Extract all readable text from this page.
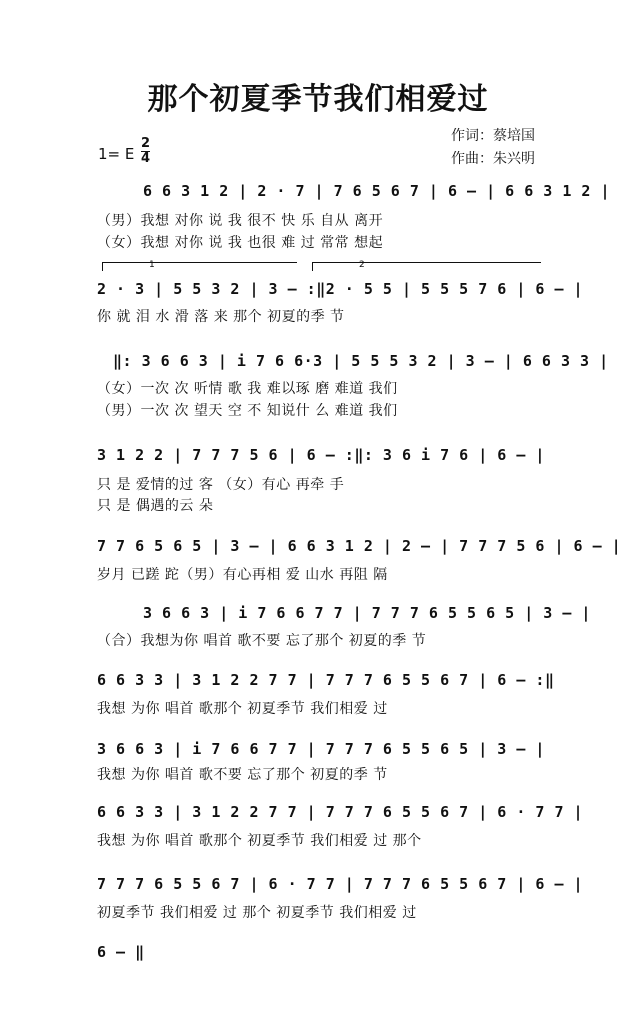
那个初夏季节我们相爱过
作词：蔡培国
作曲：朱兴明
1= E
2
4
6 6 3 1 2 | 2 · 7 | 7 6 5 6 7 | 6 – | 6 6 3 1 2 |
（男）我想 对你 说 我 很不 快 乐 自从 离开
（女）我想 对你 说 我 也很 难 过 常常 想起
1	2
2 · 3 | 5 5 3 2 | 3 – :‖2 · 5 5 | 5 5 5 7 6 | 6 – |
你 就 泪 水 滑 落 来 那个 初夏的季 节
‖: 3 6 6 3 | i 7 6 6·3 | 5 5 5 3 2 | 3 – | 6 6 3 3 |
（女）一次 次 听情 歌 我 难以琢 磨 难道 我们
（男）一次 次 望天 空 不 知说什 么 难道 我们
3 1 2 2 | 7 7 7 5 6 | 6 – :‖: 3 6 i 7 6 | 6 – |
只 是 爱情的过 客 （女）有心 再牵 手
只 是 偶遇的云 朵
7 7 6 5 6 5 | 3 – | 6 6 3 1 2 | 2 – | 7 7 7 5 6 | 6 – |
岁月 已蹉 跎（男）有心再相 爱 山水 再阻 隔
3 6 6 3 | i 7 6 6 7 7 | 7 7 7 6 5 5 6 5 | 3 – |
（合）我想为你 唱首 歌不要 忘了那个 初夏的季 节
6 6 3 3 | 3 1 2 2 7 7 | 7 7 7 6 5 5 6 7 | 6 – :‖
我想 为你 唱首 歌那个 初夏季节 我们相爱 过
3 6 6 3 | i 7 6 6 7 7 | 7 7 7 6 5 5 6 5 | 3 – |
我想 为你 唱首 歌不要 忘了那个 初夏的季 节
6 6 3 3 | 3 1 2 2 7 7 | 7 7 7 6 5 5 6 7 | 6 · 7 7 |
我想 为你 唱首 歌那个 初夏季节 我们相爱 过 那个
7 7 7 6 5 5 6 7 | 6 · 7 7 | 7 7 7 6 5 5 6 7 | 6 – |
初夏季节 我们相爱 过 那个 初夏季节 我们相爱 过
6 – ‖
